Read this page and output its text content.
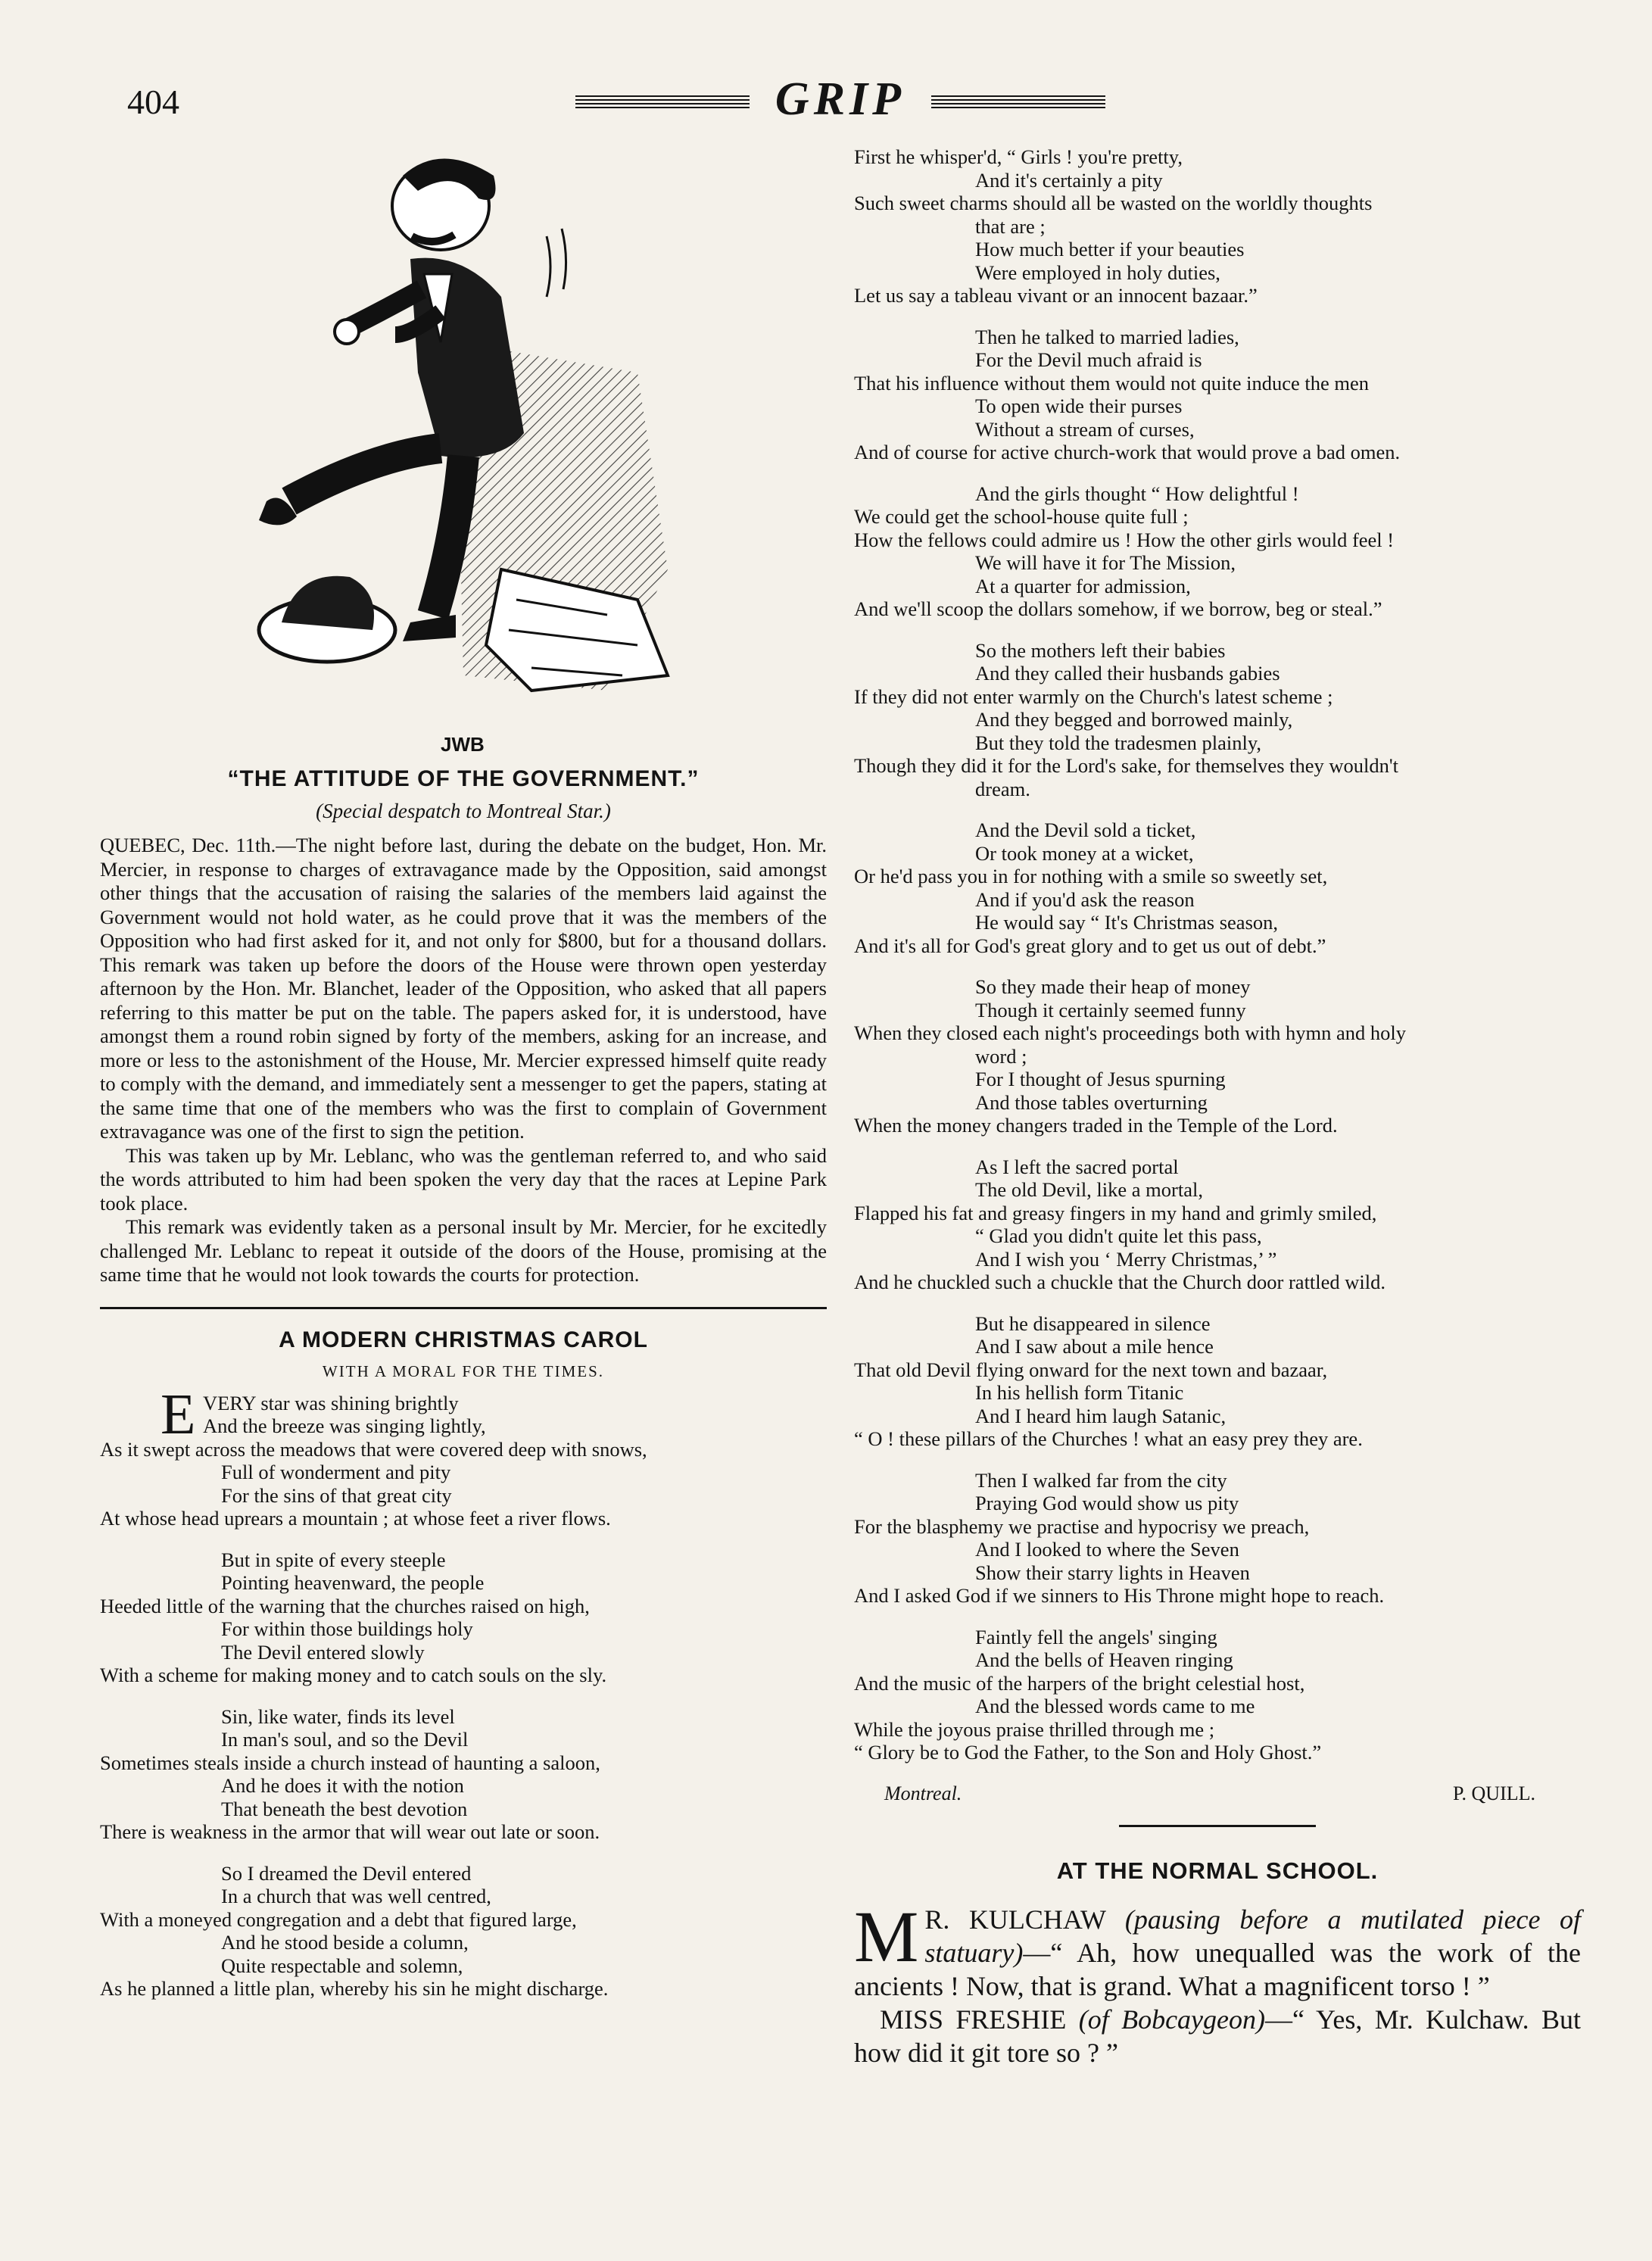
404	GRIP
JWB
“THE ATTITUDE OF THE GOVERNMENT.”
(Special despatch to Montreal Star.)

QUEBEC, Dec. 11th.—The night before last, during the debate on the budget, Hon. Mr. Mercier, in response to charges of extravagance made by the Opposition, said amongst other things that the accusation of raising the salaries of the members laid against the Government would not hold water, as he could prove that it was the members of the Opposition who had first asked for it, and not only for $800, but for a thousand dollars. This remark was taken up before the doors of the House were thrown open yesterday afternoon by the Hon. Mr. Blanchet, leader of the Opposition, who asked that all papers referring to this matter be put on the table. The papers asked for, it is understood, have amongst them a round robin signed by forty of the members, asking for an increase, and more or less to the astonishment of the House, Mr. Mercier expressed himself quite ready to comply with the demand, and immediately sent a messenger to get the papers, stating at the same time that one of the members who was the first to complain of Government extravagance was one of the first to sign the petition.

This was taken up by Mr. Leblanc, who was the gentleman referred to, and who said the words attributed to him had been spoken the very day that the races at Lepine Park took place.

This remark was evidently taken as a personal insult by Mr. Mercier, for he excitedly challenged Mr. Leblanc to repeat it outside of the doors of the House, promising at the same time that he would not look towards the courts for protection.

A MODERN CHRISTMAS CAROL
WITH A MORAL FOR THE TIMES.
E VERY star was shining brightly
And the breeze was singing lightly,
As it swept across the meadows that were covered deep with snows,
Full of wonderment and pity
For the sins of that great city
At whose head uprears a mountain ; at whose feet a river flows.
But in spite of every steeple
Pointing heavenward, the people
Heeded little of the warning that the churches raised on high,
For within those buildings holy
The Devil entered slowly
With a scheme for making money and to catch souls on the sly.
Sin, like water, finds its level
In man's soul, and so the Devil
Sometimes steals inside a church instead of haunting a saloon,
And he does it with the notion
That beneath the best devotion
There is weakness in the armor that will wear out late or soon.
So I dreamed the Devil entered
In a church that was well centred,
With a moneyed congregation and a debt that figured large,
And he stood beside a column,
Quite respectable and solemn,
As he planned a little plan, whereby his sin he might discharge.
First he whisper'd, “ Girls ! you're pretty,
And it's certainly a pity
Such sweet charms should all be wasted on the worldly thoughts
that are ;
How much better if your beauties
Were employed in holy duties,
Let us say a tableau vivant or an innocent bazaar.”
Then he talked to married ladies,
For the Devil much afraid is
That his influence without them would not quite induce the men
To open wide their purses
Without a stream of curses,
And of course for active church-work that would prove a bad omen.
And the girls thought “ How delightful !
We could get the school-house quite full ;
How the fellows could admire us ! How the other girls would feel !
We will have it for The Mission,
At a quarter for admission,
And we'll scoop the dollars somehow, if we borrow, beg or steal.”
So the mothers left their babies
And they called their husbands gabies
If they did not enter warmly on the Church's latest scheme ;
And they begged and borrowed mainly,
But they told the tradesmen plainly,
Though they did it for the Lord's sake, for themselves they wouldn't
dream.
And the Devil sold a ticket,
Or took money at a wicket,
Or he'd pass you in for nothing with a smile so sweetly set,
And if you'd ask the reason
He would say “ It's Christmas season,
And it's all for God's great glory and to get us out of debt.”
So they made their heap of money
Though it certainly seemed funny
When they closed each night's proceedings both with hymn and holy
word ;
For I thought of Jesus spurning
And those tables overturning
When the money changers traded in the Temple of the Lord.
As I left the sacred portal
The old Devil, like a mortal,
Flapped his fat and greasy fingers in my hand and grimly smiled,
“ Glad you didn't quite let this pass,
And I wish you ‘ Merry Christmas,’ ”
And he chuckled such a chuckle that the Church door rattled wild.
But he disappeared in silence
And I saw about a mile hence
That old Devil flying onward for the next town and bazaar,
In his hellish form Titanic
And I heard him laugh Satanic,
“ O ! these pillars of the Churches ! what an easy prey they are.
Then I walked far from the city
Praying God would show us pity
For the blasphemy we practise and hypocrisy we preach,
And I looked to where the Seven
Show their starry lights in Heaven
And I asked God if we sinners to His Throne might hope to reach.
Faintly fell the angels' singing
And the bells of Heaven ringing
And the music of the harpers of the bright celestial host,
And the blessed words came to me
While the joyous praise thrilled through me ;
“ Glory be to God the Father, to the Son and Holy Ghost.”
Montreal.	P. QUILL.
AT THE NORMAL SCHOOL.

M R. KULCHAW (pausing before a mutilated piece of statuary)—“ Ah, how unequalled was the work of the ancients ! Now, that is grand. What a magnificent torso ! ”

MISS FRESHIE (of Bobcaygeon)—“ Yes, Mr. Kulchaw. But how did it git tore so ? ”
